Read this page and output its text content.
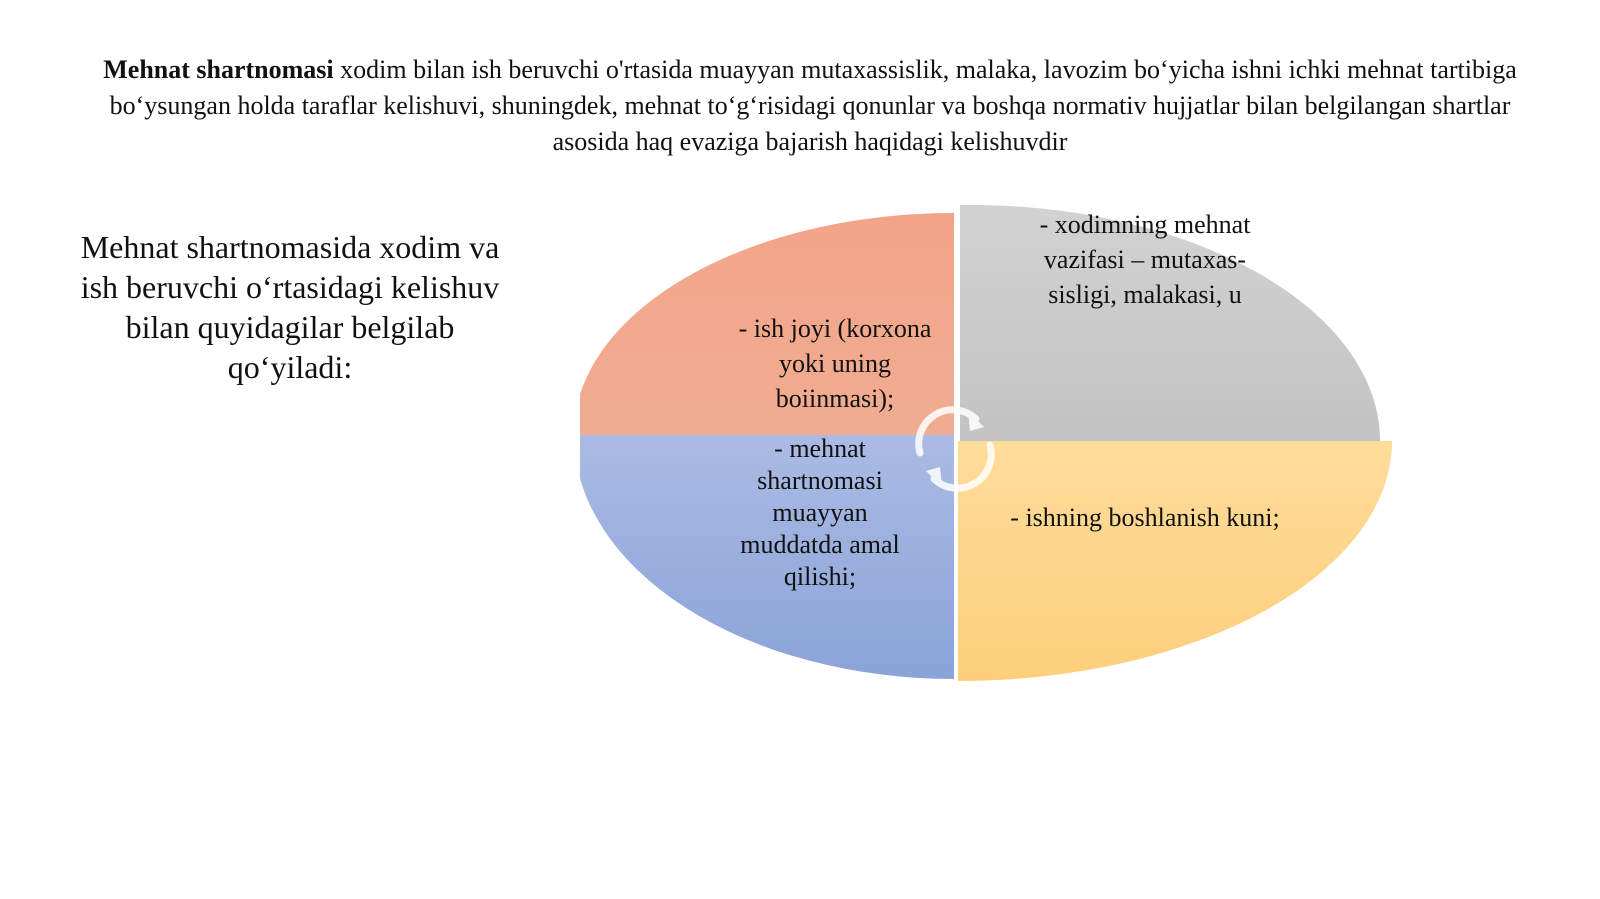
Mehnat shartnomasi xodim bilan ish beruvchi o'rtasida muayyan mutaxassislik, malaka, lavozim bo‘yicha ishni ichki mehnat tartibiga bo‘ysungan holda taraflar kelishuvi, shuningdek, mehnat to‘g‘risidagi qonunlar va boshqa normativ hujjatlar bilan belgilangan shartlar asosida haq evaziga bajarish haqidagi kelishuvdir
Mehnat shartnomasida xodim va ish beruvchi o‘rtasidagi kelishuv bilan quyidagilar belgilab qo‘yiladi:
- ish joyi (korxona yoki uning boiinmasi);
- xodimning mehnat vazifasi – mutaxas-sisligi, malakasi, u
- mehnat shartnomasi muayyan muddatda amal qilishi;
- ishning boshlanish kuni;
